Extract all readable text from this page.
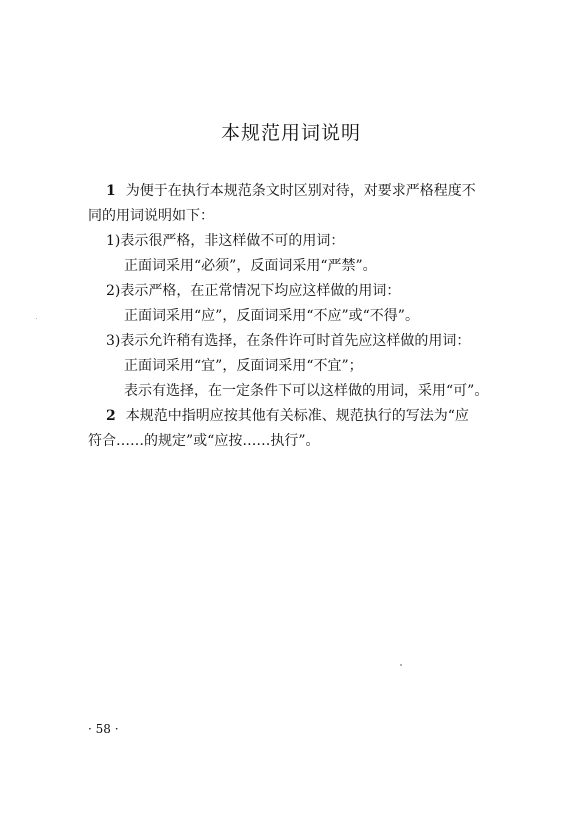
本规范用词说明
1 为便于在执行本规范条文时区别对待，对要求严格程度不
同的用词说明如下：
1)表示很严格，非这样做不可的用词：
正面词采用“必须”，反面词采用“严禁”。
2)表示严格，在正常情况下均应这样做的用词：
正面词采用“应”，反面词采用“不应”或“不得”。
3)表示允许稍有选择，在条件许可时首先应这样做的用词：
正面词采用“宜”，反面词采用“不宜”；
表示有选择，在一定条件下可以这样做的用词，采用“可”。
2 本规范中指明应按其他有关标准、规范执行的写法为“应
符合……的规定”或“应按……执行”。
· 58 ·
